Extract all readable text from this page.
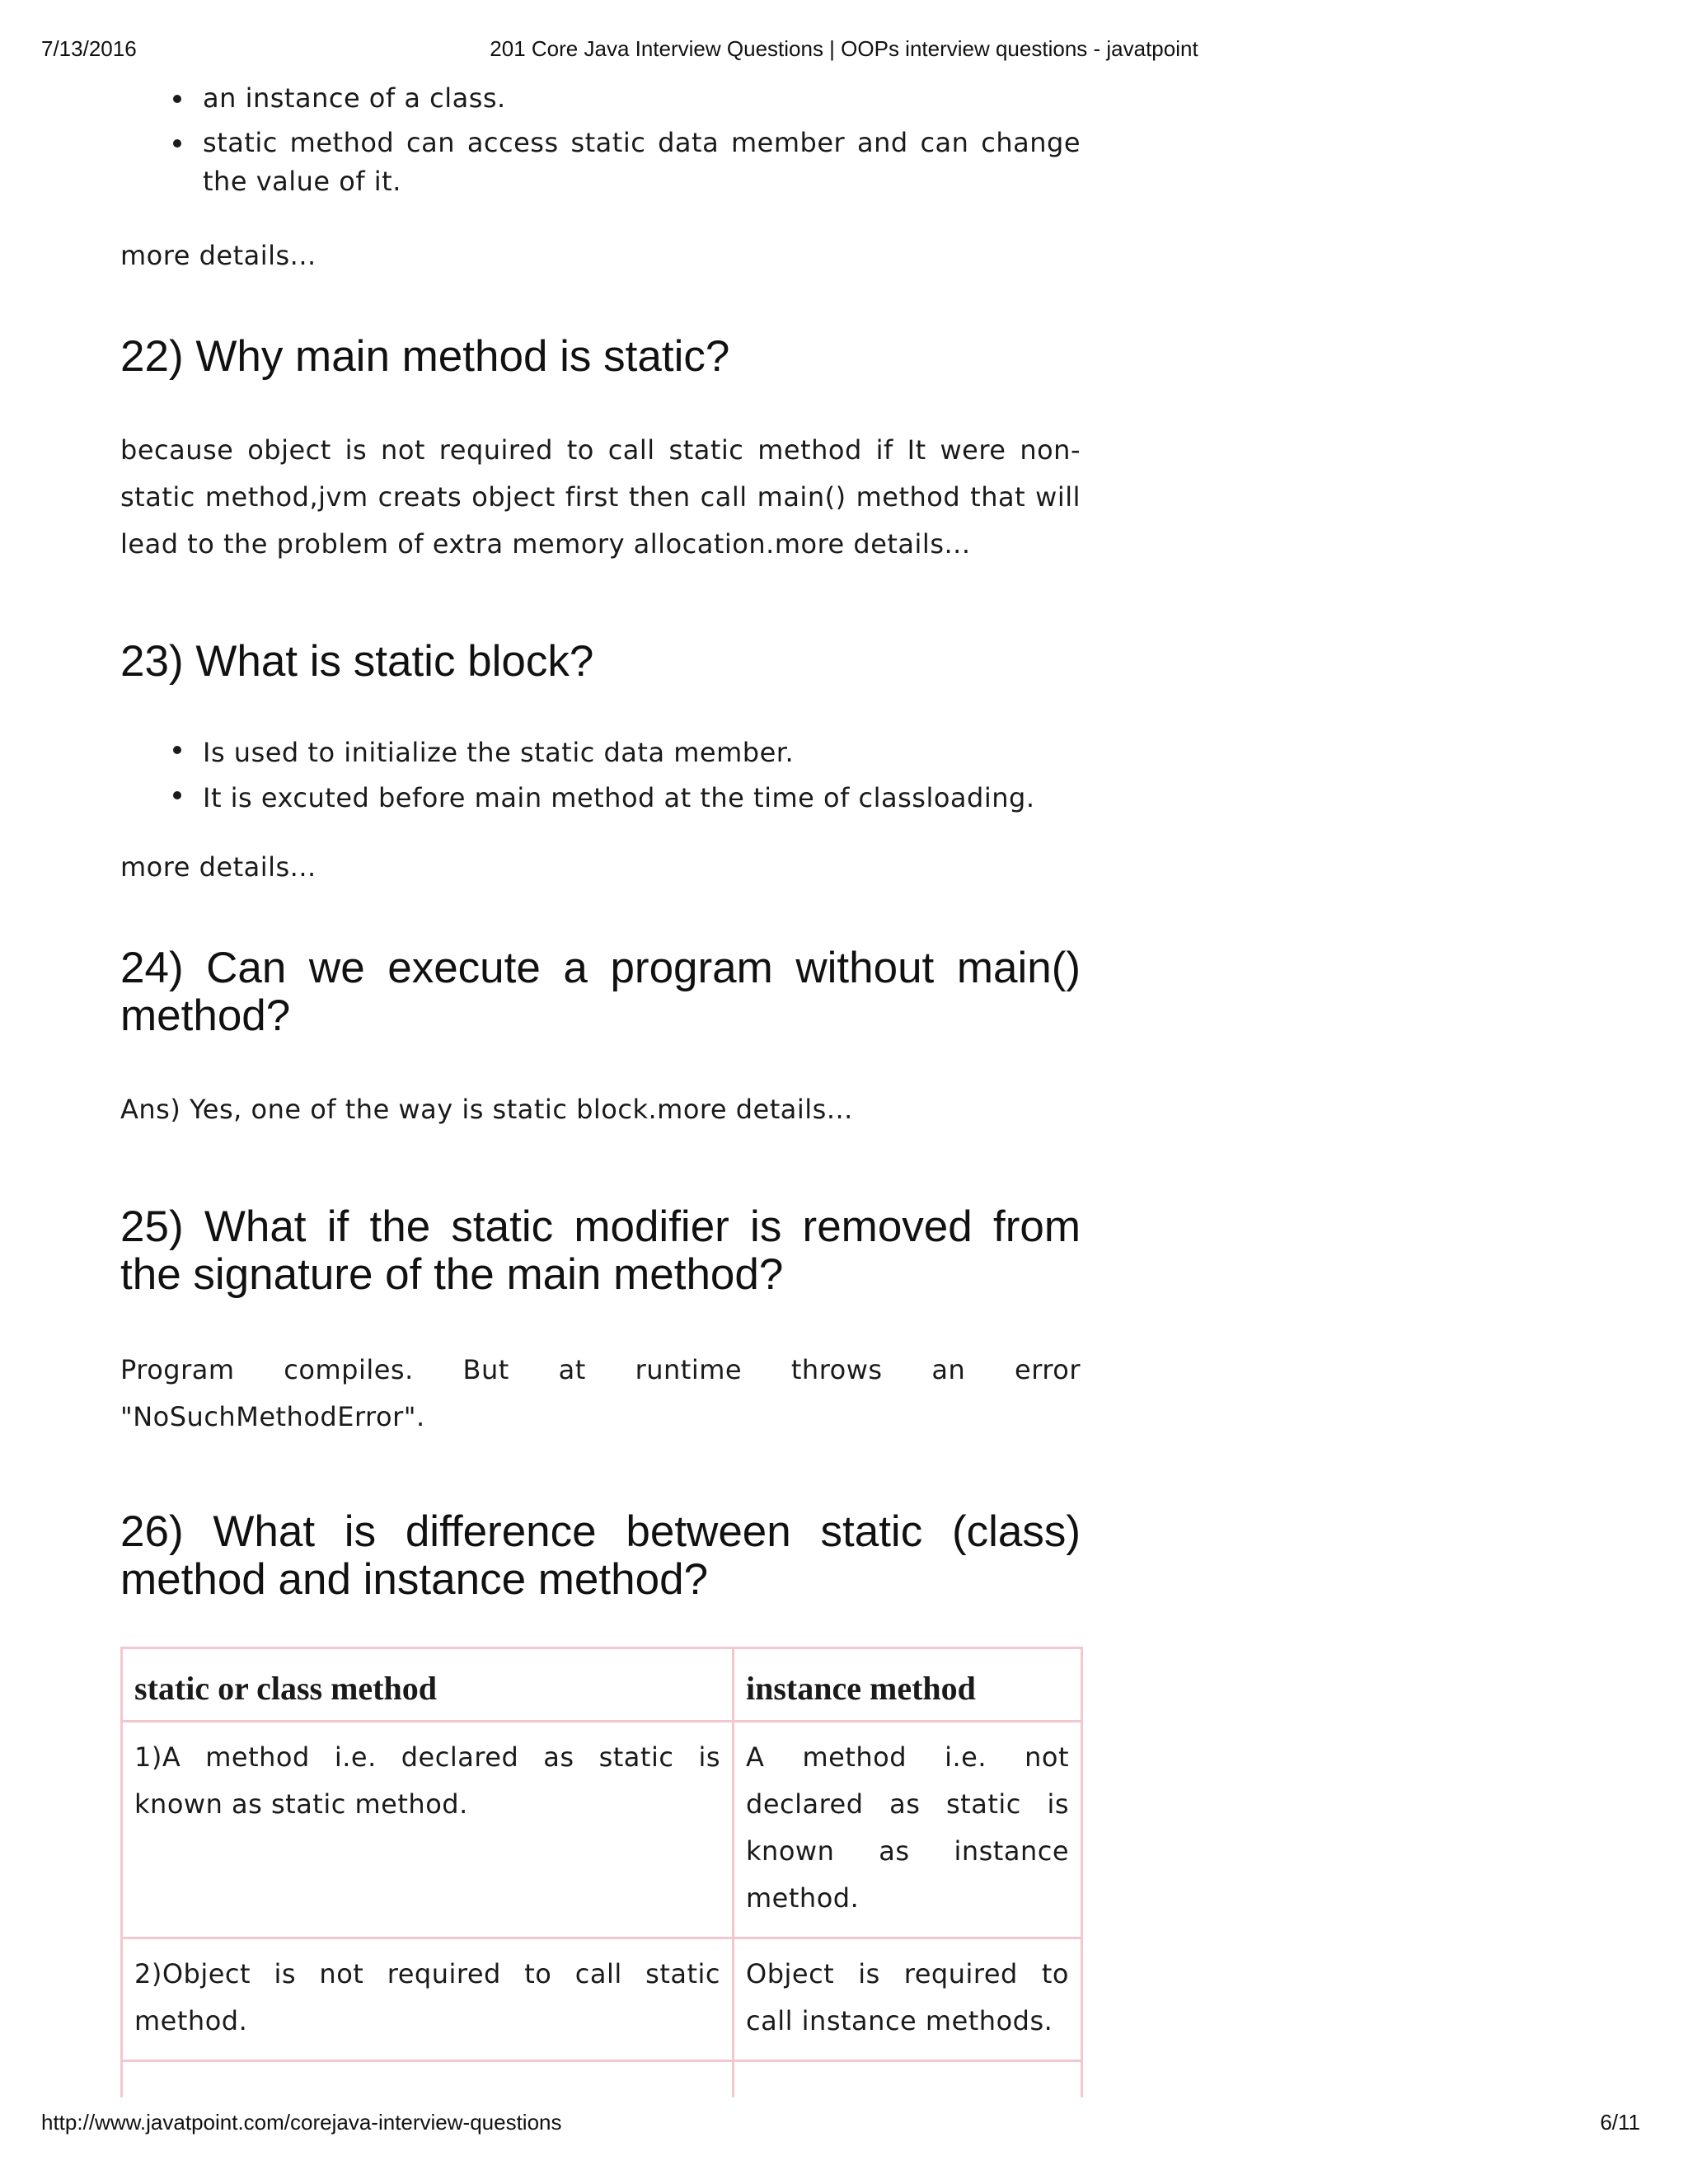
7/13/2016	201 Core Java Interview Questions | OOPs interview questions - javatpoint
an instance of a class.
static method can access static data member and can change the value of it.

more details...

22) Why main method is static?

because object is not required to call static method if It were non-static method,jvm creats object first then call main() method that will lead to the problem of extra memory allocation.more details...

23) What is static block?
Is used to initialize the static data member.
It is excuted before main method at the time of classloading.

more details...

24) Can we execute a program without main() method?

Ans) Yes, one of the way is static block.more details...

25) What if the static modifier is removed from the signature of the main method?

Program compiles. But at runtime throws an error "NoSuchMethodError".

26) What is difference between static (class) method and instance method?
static or class method	instance method
1)A method i.e. declared as static is known as static method.	A method i.e. not declared as static is known as instance method.
2)Object is not required to call static method.	Object is required to call instance methods.

http://www.javatpoint.com/corejava-interview-questions	6/11
